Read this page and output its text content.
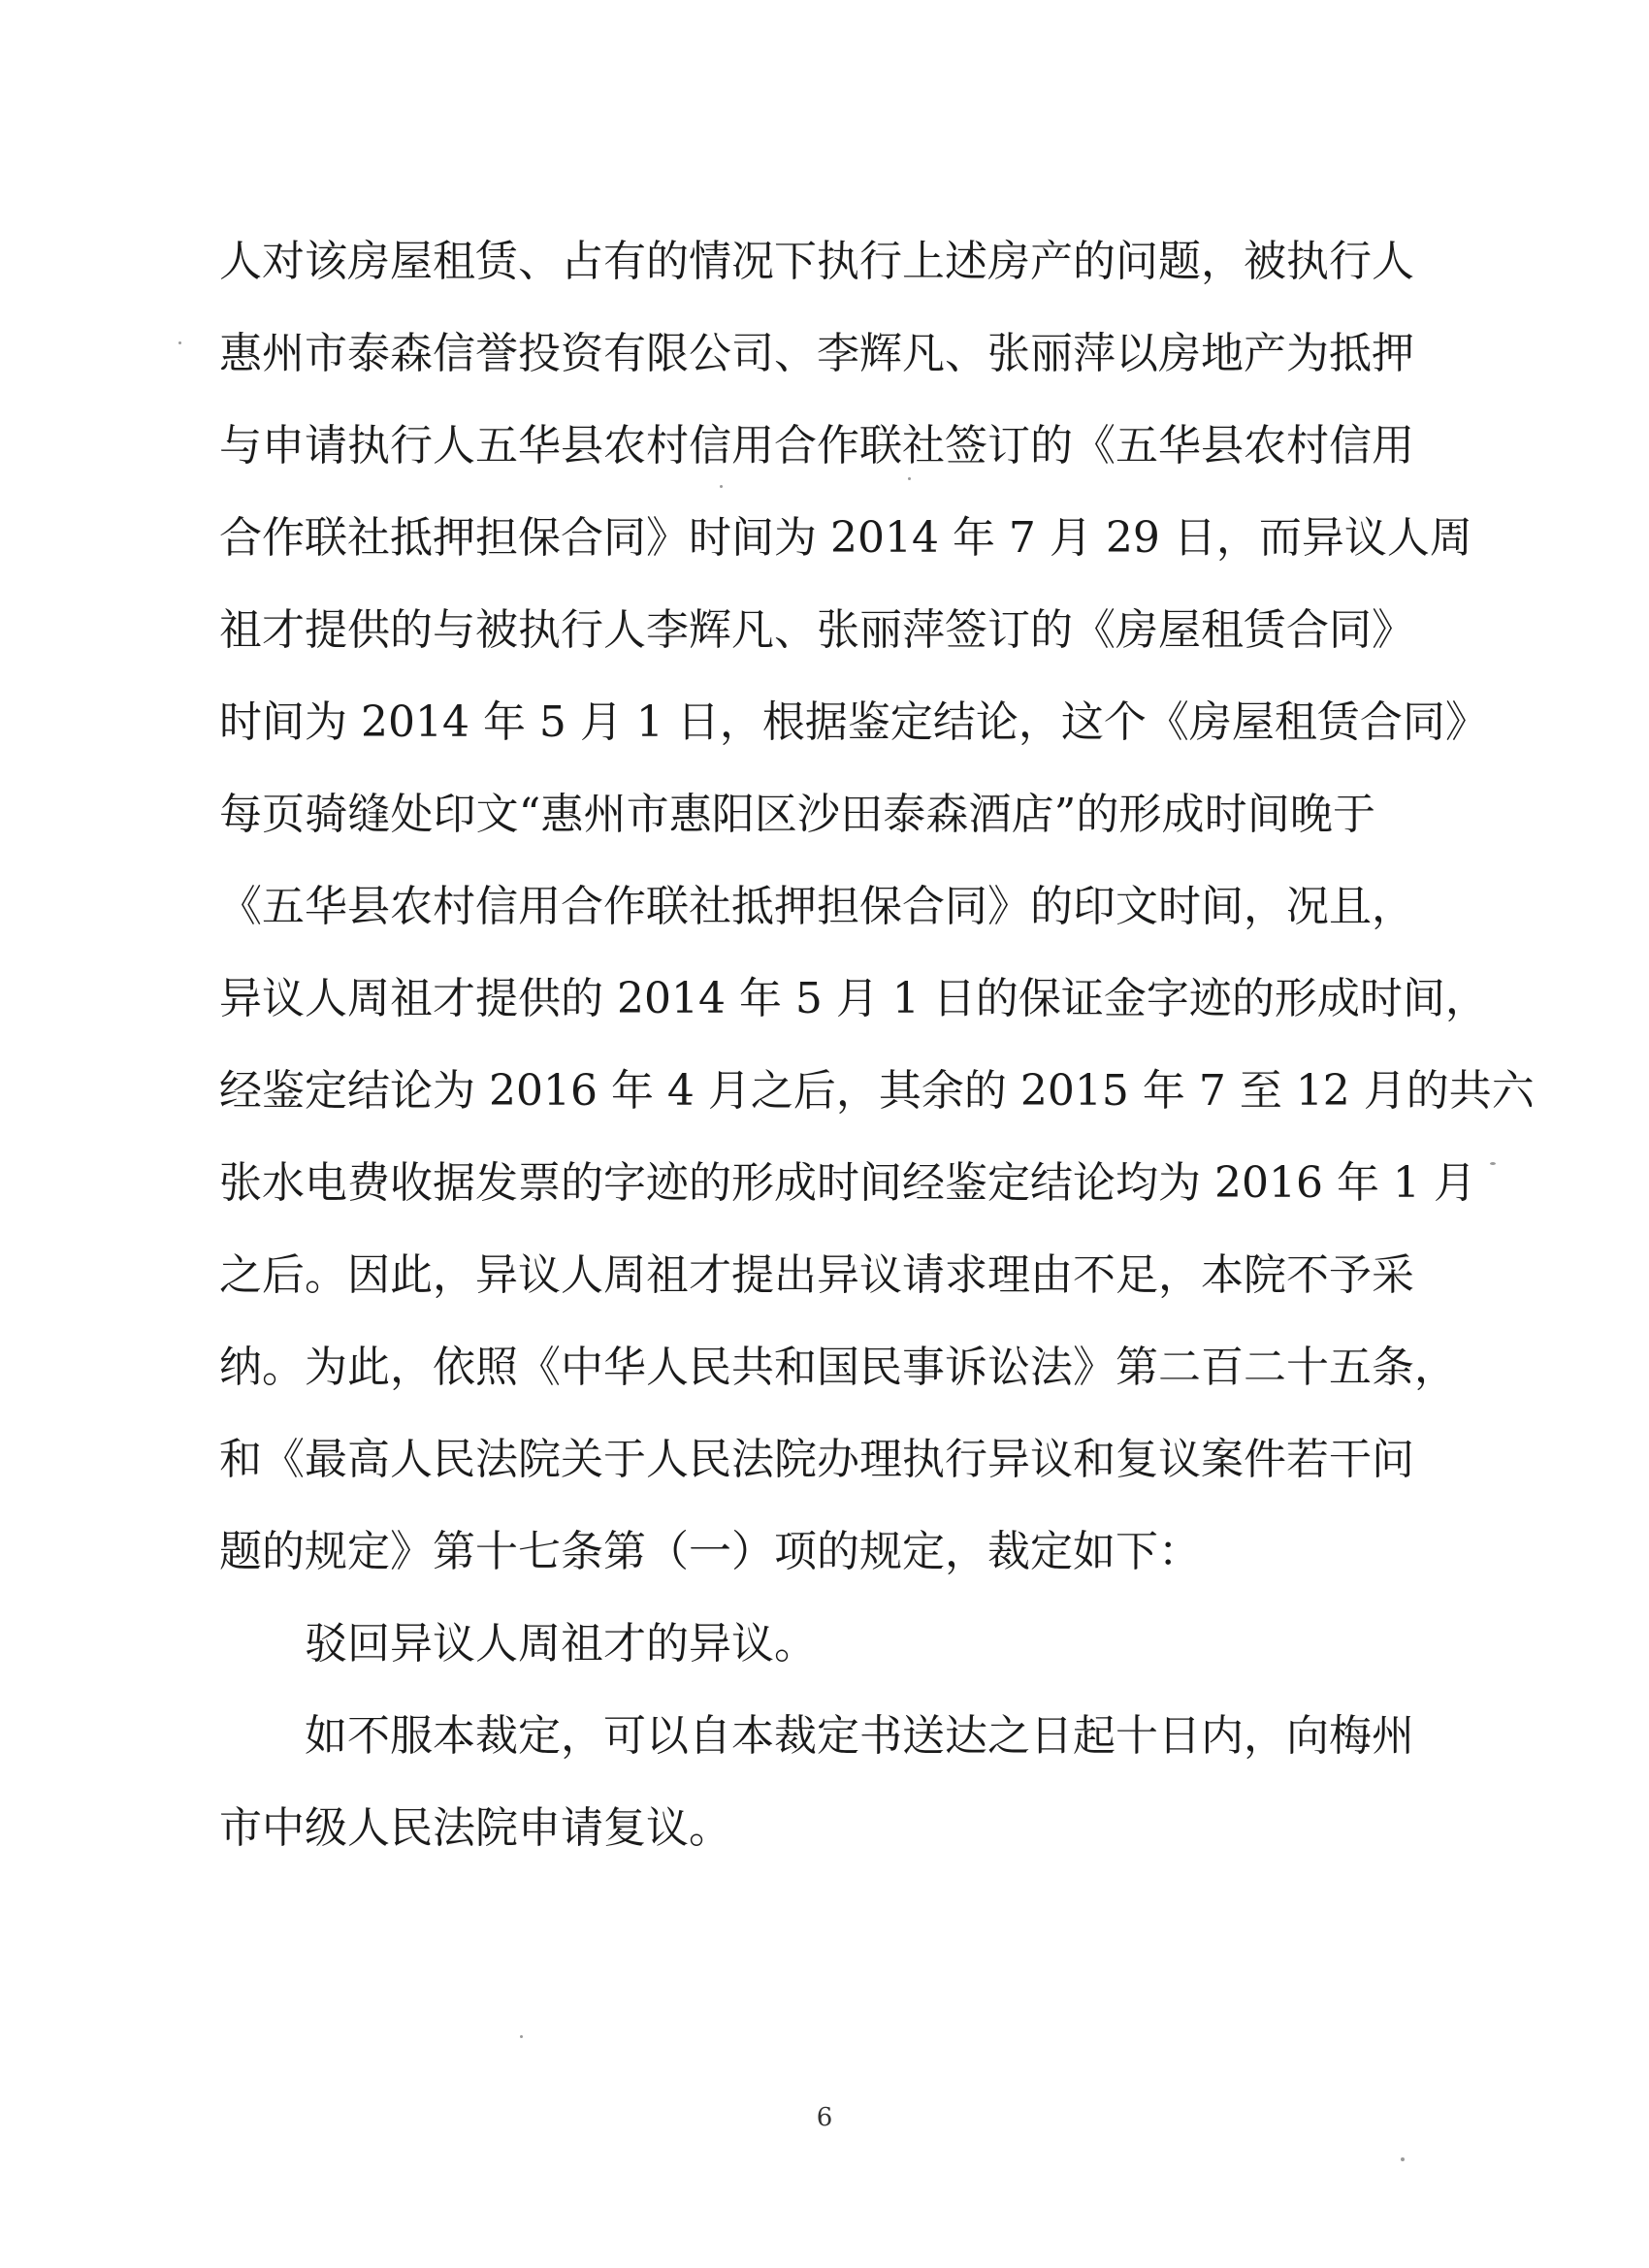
人对该房屋租赁、占有的情况下执行上述房产的问题，被执行人
惠州市泰森信誉投资有限公司、李辉凡、张丽萍以房地产为抵押
与申请执行人五华县农村信用合作联社签订的《五华县农村信用
合作联社抵押担保合同》时间为 2014 年 7 月 29 日，而异议人周
祖才提供的与被执行人李辉凡、张丽萍签订的《房屋租赁合同》
时间为 2014 年 5 月 1 日，根据鉴定结论，这个《房屋租赁合同》
每页骑缝处印文“惠州市惠阳区沙田泰森酒店”的形成时间晚于
《五华县农村信用合作联社抵押担保合同》的印文时间，况且，
异议人周祖才提供的 2014 年 5 月 1 日的保证金字迹的形成时间，
经鉴定结论为 2016 年 4 月之后，其余的 2015 年 7 至 12 月的共六
张水电费收据发票的字迹的形成时间经鉴定结论均为 2016 年 1 月
之后。因此，异议人周祖才提出异议请求理由不足，本院不予采
纳。为此，依照《中华人民共和国民事诉讼法》第二百二十五条，
和《最高人民法院关于人民法院办理执行异议和复议案件若干问
题的规定》第十七条第（一）项的规定，裁定如下：
驳回异议人周祖才的异议。
如不服本裁定，可以自本裁定书送达之日起十日内，向梅州
市中级人民法院申请复议。
6
